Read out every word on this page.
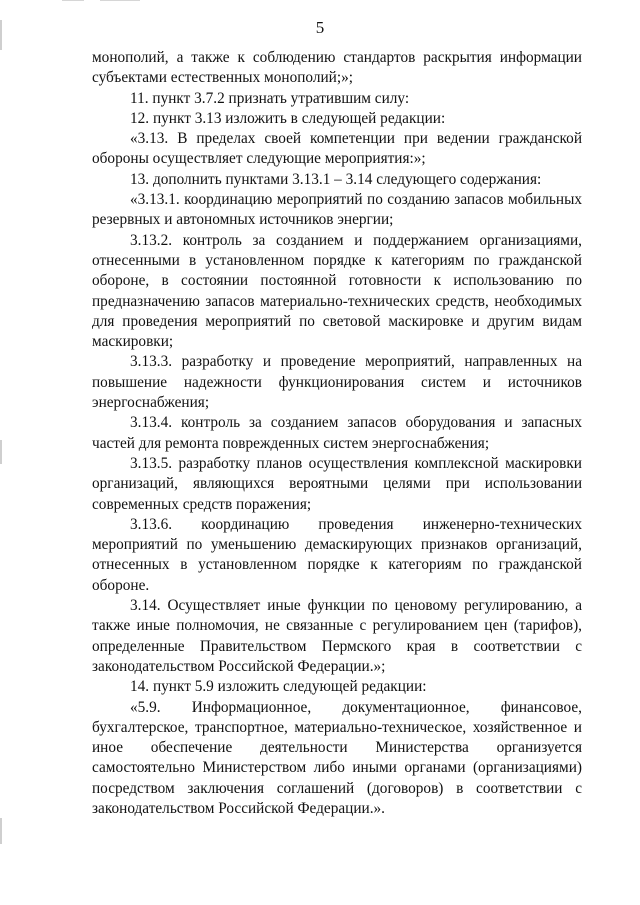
5

монополий, а также к соблюдению стандартов раскрытия информации субъектами естественных монополий;»;

11. пункт 3.7.2 признать утратившим силу:

12. пункт 3.13 изложить в следующей редакции:

«3.13. В пределах своей компетенции при ведении гражданской обороны осуществляет следующие мероприятия:»;

13. дополнить пунктами 3.13.1 – 3.14 следующего содержания:

«3.13.1. координацию мероприятий по созданию запасов мобильных резервных и автономных источников энергии;

3.13.2. контроль за созданием и поддержанием организациями, отнесенными в установленном порядке к категориям по гражданской обороне, в состоянии постоянной готовности к использованию по предназначению запасов материально-технических средств, необходимых для проведения мероприятий по световой маскировке и другим видам маскировки;

3.13.3. разработку и проведение мероприятий, направленных на повышение надежности функционирования систем и источников энергоснабжения;

3.13.4. контроль за созданием запасов оборудования и запасных частей для ремонта поврежденных систем энергоснабжения;

3.13.5. разработку планов осуществления комплексной маскировки организаций, являющихся вероятными целями при использовании современных средств поражения;

3.13.6. координацию проведения инженерно-технических мероприятий по уменьшению демаскирующих признаков организаций, отнесенных в установленном порядке к категориям по гражданской обороне.

3.14. Осуществляет иные функции по ценовому регулированию, а также иные полномочия, не связанные с регулированием цен (тарифов), определенные Правительством Пермского края в соответствии с законодательством Российской Федерации.»;

14. пункт 5.9 изложить следующей редакции:

«5.9. Информационное, документационное, финансовое, бухгалтерское, транспортное, материально-техническое, хозяйственное и иное обеспечение деятельности Министерства организуется самостоятельно Министерством либо иными органами (организациями) посредством заключения соглашений (договоров) в соответствии с законодательством Российской Федерации.».
